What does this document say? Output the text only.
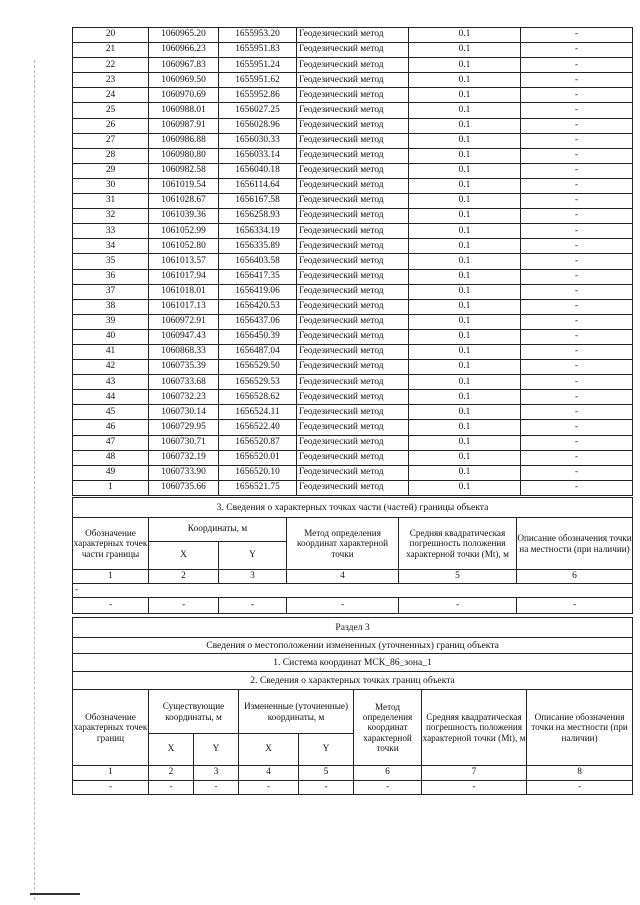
20	1060965.20	1655953.20	Геодезический метод	0.1	-
21	1060966.23	1655951.83	Геодезический метод	0.1	-
22	1060967.83	1655951.24	Геодезический метод	0.1	-
23	1060969.50	1655951.62	Геодезический метод	0.1	-
24	1060970.69	1655952.86	Геодезический метод	0.1	-
25	1060988.01	1656027.25	Геодезический метод	0.1	-
26	1060987.91	1656028.96	Геодезический метод	0.1	-
27	1060986.88	1656030.33	Геодезический метод	0.1	-
28	1060980.80	1656033.14	Геодезический метод	0.1	-
29	1060982.58	1656040.18	Геодезический метод	0.1	-
30	1061019.54	1656114.64	Геодезический метод	0.1	-
31	1061028.67	1656167.58	Геодезический метод	0.1	-
32	1061039.36	1656258.93	Геодезический метод	0.1	-
33	1061052.99	1656334.19	Геодезический метод	0.1	-
34	1061052.80	1656335.89	Геодезический метод	0.1	-
35	1061013.57	1656403.58	Геодезический метод	0.1	-
36	1061017.94	1656417.35	Геодезический метод	0.1	-
37	1061018.01	1656419.06	Геодезический метод	0.1	-
38	1061017.13	1656420.53	Геодезический метод	0.1	-
39	1060972.91	1656437.06	Геодезический метод	0.1	-
40	1060947.43	1656450.39	Геодезический метод	0.1	-
41	1060868.33	1656487.04	Геодезический метод	0.1	-
42	1060735.39	1656529.50	Геодезический метод	0.1	-
43	1060733.68	1656529.53	Геодезический метод	0.1	-
44	1060732.23	1656528.62	Геодезический метод	0.1	-
45	1060730.14	1656524.11	Геодезический метод	0.1	-
46	1060729.95	1656522.40	Геодезический метод	0.1	-
47	1060730.71	1656520.87	Геодезический метод	0.1	-
48	1060732.19	1656520.01	Геодезический метод	0.1	-
49	1060733.90	1656520.10	Геодезический метод	0.1	-
1	1060735.66	1656521.75	Геодезический метод	0.1	-
3. Сведения о характерных точках части (частей) границы объекта					
Обозначение характерных точек части границы	Координаты, м		Метод определения координат характерной точки	Средняя квадратическая погрешность положения характерной точки (Mt), м	Описание обозначения точки на местности (при наличии)
	X	Y			
1	2	3	4	5	6
-					
-	-	-	-	-	-
Раздел 3							
Сведения о местоположении измененных (уточненных) границ объекта							
1. Система координат МСК_86_зона_1							
2. Сведения о характерных точках границ объекта							
Обозначение характерных точек границ	Существующие координаты, м		Измененные (уточненные) координаты, м		Метод определения координат характерной точки	Средняя квадратическая погрешность положения характерной точки (Mt), м	Описание обозначения точки на местности (при наличии)
	X	Y	X	Y			
1	2	3	4	5	6	7	8
-	-	-	-	-	-	-	-
